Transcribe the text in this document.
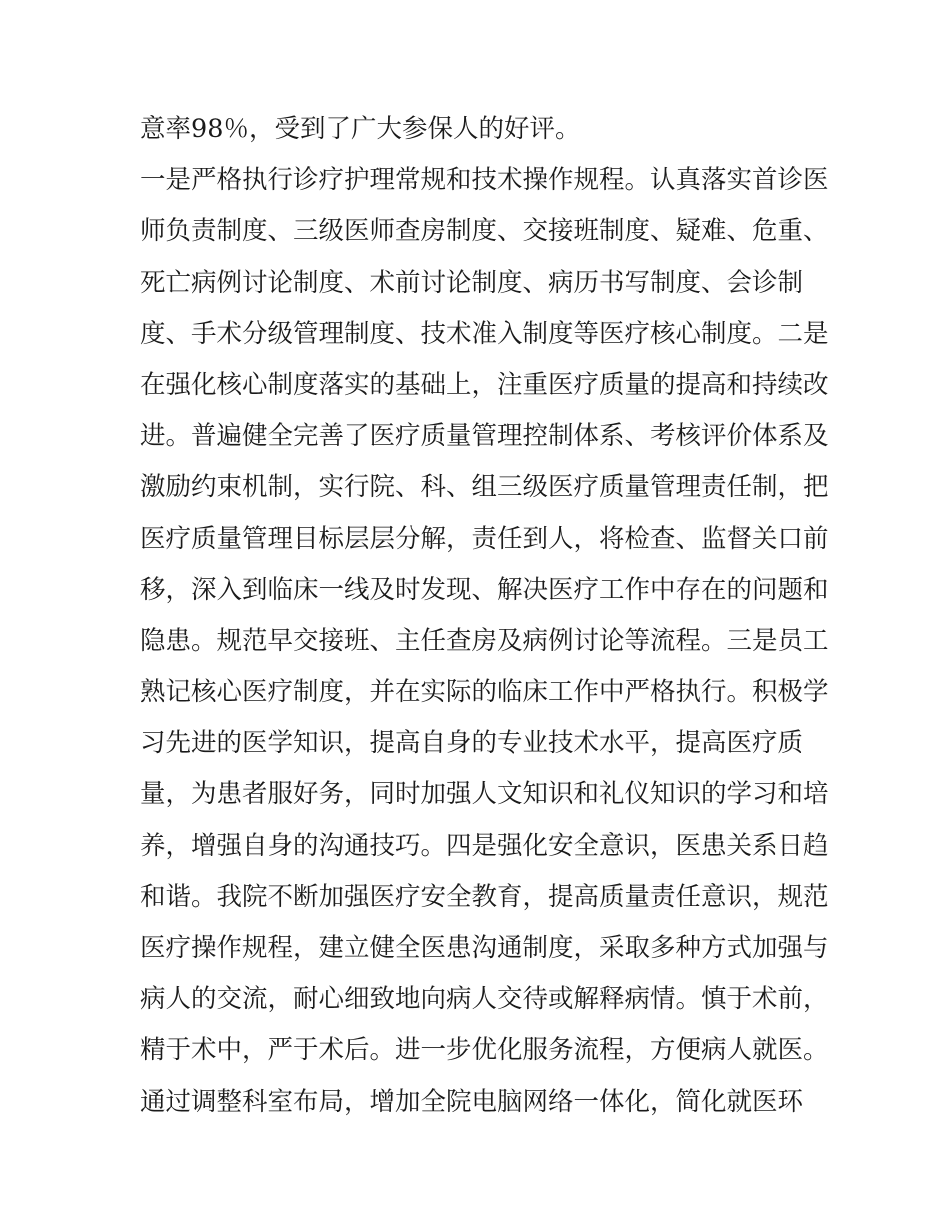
意率98％，受到了广大参保人的好评。
一是严格执行诊疗护理常规和技术操作规程。认真落实首诊医
师负责制度、三级医师查房制度、交接班制度、疑难、危重、
死亡病例讨论制度、术前讨论制度、病历书写制度、会诊制
度、手术分级管理制度、技术准入制度等医疗核心制度。二是
在强化核心制度落实的基础上，注重医疗质量的提高和持续改
进。普遍健全完善了医疗质量管理控制体系、考核评价体系及
激励约束机制，实行院、科、组三级医疗质量管理责任制，把
医疗质量管理目标层层分解，责任到人，将检查、监督关口前
移，深入到临床一线及时发现、解决医疗工作中存在的问题和
隐患。规范早交接班、主任查房及病例讨论等流程。三是员工
熟记核心医疗制度，并在实际的临床工作中严格执行。积极学
习先进的医学知识，提高自身的专业技术水平，提高医疗质
量，为患者服好务，同时加强人文知识和礼仪知识的学习和培
养，增强自身的沟通技巧。四是强化安全意识，医患关系日趋
和谐。我院不断加强医疗安全教育，提高质量责任意识，规范
医疗操作规程，建立健全医患沟通制度，采取多种方式加强与
病人的交流，耐心细致地向病人交待或解释病情。慎于术前，
精于术中，严于术后。进一步优化服务流程，方便病人就医。
通过调整科室布局，增加全院电脑网络一体化，简化就医环
